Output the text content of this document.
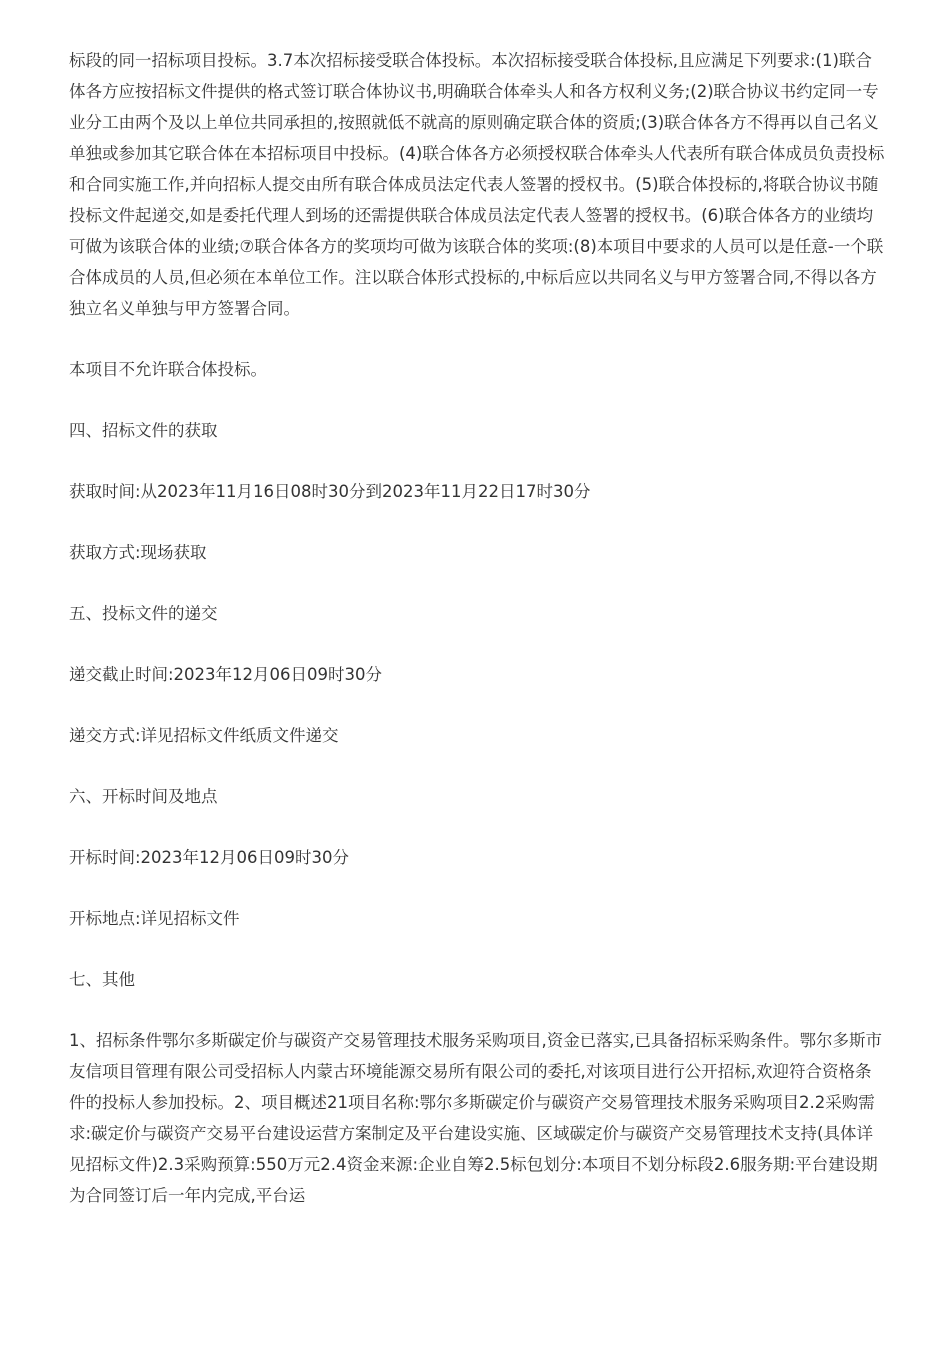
标段的同一招标项目投标。3.7本次招标接受联合体投标。本次招标接受联合体投标,且应满足下列要求:(1)联合体各方应按招标文件提供的格式签订联合体协议书,明确联合体牵头人和各方权利义务;(2)联合协议书约定同一专业分工由两个及以上单位共同承担的,按照就低不就高的原则确定联合体的资质;(3)联合体各方不得再以自己名义单独或参加其它联合体在本招标项目中投标。(4)联合体各方必须授权联合体牵头人代表所有联合体成员负责投标和合同实施工作,并向招标人提交由所有联合体成员法定代表人签署的授权书。(5)联合体投标的,将联合协议书随投标文件起递交,如是委托代理人到场的还需提供联合体成员法定代表人签署的授权书。(6)联合体各方的业绩均可做为该联合体的业绩;⑦联合体各方的奖项均可做为该联合体的奖项:(8)本项目中要求的人员可以是任意-一个联合体成员的人员,但必须在本单位工作。注以联合体形式投标的,中标后应以共同名义与甲方签署合同,不得以各方独立名义单独与甲方签署合同。

本项目不允许联合体投标。

四、招标文件的获取

获取时间:从2023年11月16日08时30分到2023年11月22日17时30分

获取方式:现场获取

五、投标文件的递交

递交截止时间:2023年12月06日09时30分

递交方式:详见招标文件纸质文件递交

六、开标时间及地点

开标时间:2023年12月06日09时30分

开标地点:详见招标文件

七、其他

1、招标条件鄂尔多斯碳定价与碳资产交易管理技术服务采购项目,资金已落实,已具备招标采购条件。鄂尔多斯市友信项目管理有限公司受招标人内蒙古环境能源交易所有限公司的委托,对该项目进行公开招标,欢迎符合资格条件的投标人参加投标。2、项目概述21项目名称:鄂尔多斯碳定价与碳资产交易管理技术服务采购项目2.2采购需求:碳定价与碳资产交易平台建设运营方案制定及平台建设实施、区域碳定价与碳资产交易管理技术支持(具体详见招标文件)2.3采购预算:550万元2.4资金来源:企业自筹2.5标包划分:本项目不划分标段2.6服务期:平台建设期为合同签订后一年内完成,平台运
